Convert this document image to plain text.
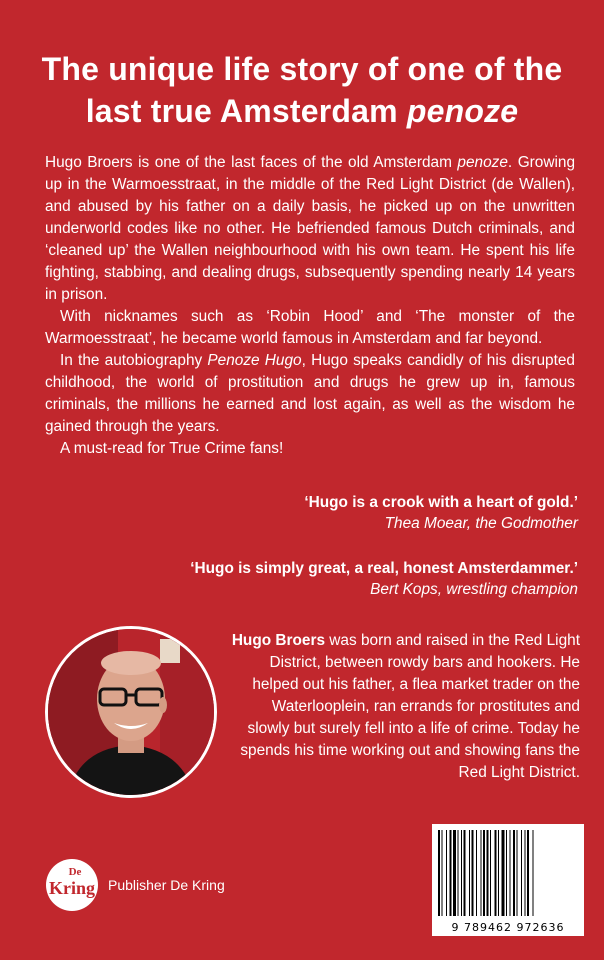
The unique life story of one of the
last true Amsterdam penoze

Hugo Broers is one of the last faces of the old Amsterdam penoze. Growing up in the Warmoesstraat, in the middle of the Red Light District (de Wallen), and abused by his father on a daily basis, he picked up on the unwritten underworld codes like no other. He befriended famous Dutch criminals, and ‘cleaned up’ the Wallen neighbourhood with his own team. He spent his life fighting, stabbing, and dealing drugs, subsequently spending nearly 14 years in prison.

With nicknames such as ‘Robin Hood’ and ‘The monster of the Warmoesstraat’, he became world famous in Amsterdam and far beyond.

In the autobiography Penoze Hugo, Hugo speaks candidly of his disrupted childhood, the world of prostitution and drugs he grew up in, famous criminals, the millions he earned and lost again, as well as the wisdom he gained through the years.

A must-read for True Crime fans!

‘Hugo is a crook with a heart of gold.’
Thea Moear, the Godmother
‘Hugo is simply great, a real, honest Amsterdammer.’
Bert Kops, wrestling champion

Hugo Broers was born and raised in the Red Light District, between rowdy bars and hookers. He helped out his father, a flea market trader on the Waterlooplein, ran errands for prostitutes and slowly but surely fell into a life of crime. Today he spends his time working out and showing fans the Red Light District.

De
Kring Publisher De Kring
9 789462 972636
